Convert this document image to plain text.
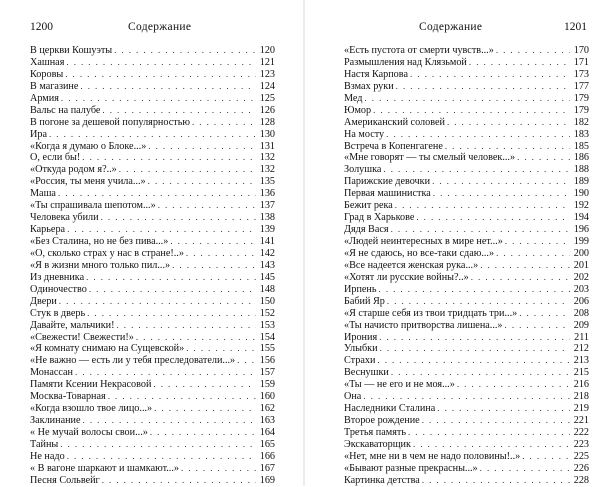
1200	Содержание
В церкви Кошуэты . . .	120
Хашная . . .	121
Коровы . . .	123
В магазине . . .	124
Армия . . .	125
Вальс на палубе . . .	126
В погоне за дешевой популярностью . . .	128
Ира . . .	130
«Когда я думаю о Блоке...» . . .	131
О, если бы! . . .	132
«Откуда родом я?..» . . .	132
«Россия, ты меня учила...» . . .	135
Маша . . .	136
«Ты спрашивала шепотом...» . . .	137
Человека убили . . .	138
Карьера . . .	139
«Без Сталина, но не без пива...» . . .	141
«О, сколько страх у нас в стране!..» . . .	142
«Я в жизни много только пил...» . . .	143
Из дневника . . .	145
Одиночество . . .	148
Двери . . .	150
Стук в дверь . . .	152
Давайте, мальчики! . . .	153
«Свежести! Свежести!» . . .	154
«Я комнату снимаю на Сущевской» . . .	155
«Не важно — есть ли у тебя преследователи...» . . . 156
Монассан . . .	157
Памяти Ксении Некрасовой . . .	159
Москва-Товарная . . .	160
«Когда взошло твое лицо...» . . .	162
Заклинание . . .	163
« Не мучай волосы свои...» . . .	164
Тайны . . .	165
Не надо . . .	166
« В вагоне шаркают и шамкают...» . . .	167
Песня Сольвейг . . .	169
Содержание	1201
«Есть пустота от смерти чувств...» . . .	170
Размышления над Клязьмой . . .	171
Настя Карпова . . .	173
Взмах руки . . .	177
Мед . . .	179
Юмор . . .	179
Американский соловей . . .	182
На мосту . . .	183
Встреча в Копенгагене . . .	185
«Мне говорят — ты смелый человек...» . . .	186
Золушка . . .	188
Парижские девочки . . .	189
Первая машинистка . . .	190
Бежит река . . .	192
Град в Харькове . . .	194
Дядя Вася . . .	196
«Людей неинтересных в мире нет...» . . .	199
«Я не сдаюсь, но все-таки сдаю...» . . .	200
«Все надеется женская рука...» . . .	201
«Хотят ли русские войны?..» . . .	202
Ирпень . . .	203
Бабий Яр . . .	206
«Я старше себя из твои тридцать три...» . . .	208
«Ты начисто притворства лишена...» . . .	209
Ирония . . .	211
Улыбки . . .	212
Страхи . . .	213
Веснушки . . .	215
«Ты — не его и не моя...» . . .	216
Она . . .	218
Наследники Сталина . . .	219
Второе рождение . . .	221
Третья память . . .	222
Экскаваторщик . . .	223
«Нет, мне ни в чем не надо половины!..» . . .	225
«Бывают разные прекрасны...» . . .	226
Картинка детства . . .	228
